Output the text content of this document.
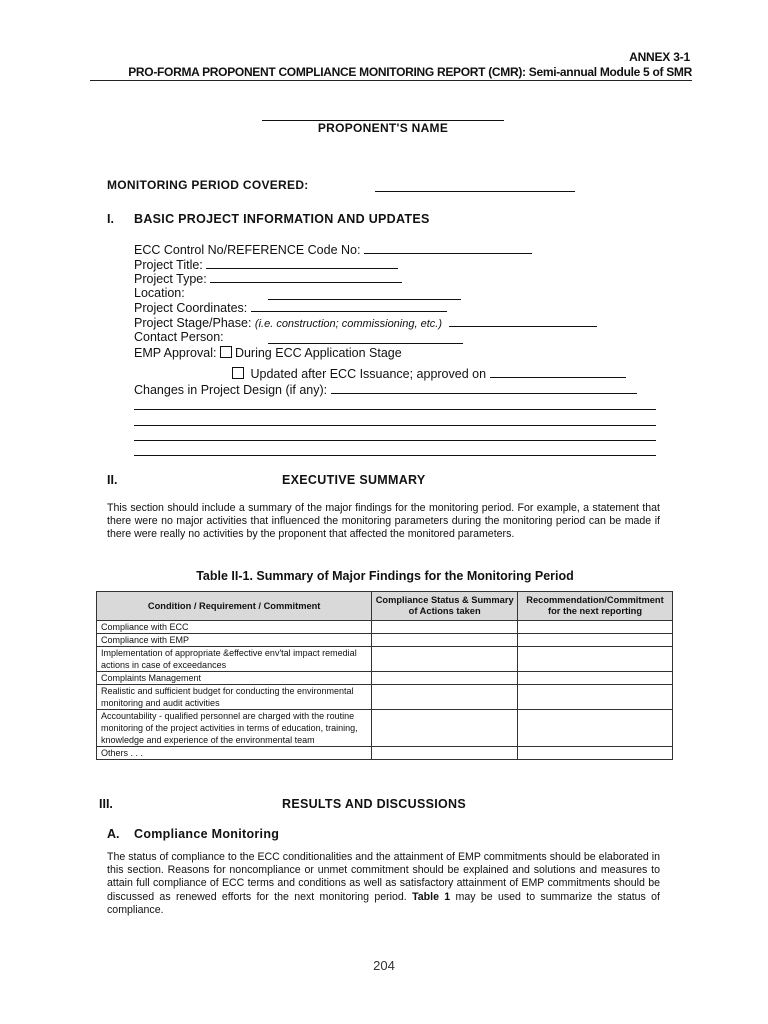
ANNEX 3-1
PRO-FORMA PROPONENT COMPLIANCE MONITORING REPORT (CMR): Semi-annual Module 5 of SMR
PROPONENT'S NAME
MONITORING PERIOD COVERED:
I. BASIC PROJECT INFORMATION AND UPDATES
ECC Control No/REFERENCE Code No:
Project Title:
Project Type:
Location:
Project Coordinates:
Project Stage/Phase: (i.e. construction; commissioning, etc.)
Contact Person:
EMP Approval: During ECC Application Stage
Updated after ECC Issuance; approved on
Changes in Project Design (if any):
II.	EXECUTIVE SUMMARY
This section should include a summary of the major findings for the monitoring period. For example, a statement that there were no major activities that influenced the monitoring parameters during the monitoring period can be made if there were really no activities by the proponent that affected the monitored parameters.
Table II-1. Summary of Major Findings for the Monitoring Period
Condition / Requirement / Commitment	Compliance Status & Summary of Actions taken	Recommendation/Commitment for the next reporting
Compliance with ECC		
Compliance with EMP		
Implementation of appropriate &effective env'tal impact remedial actions in case of exceedances		
Complaints Management		
Realistic and sufficient budget for conducting the environmental monitoring and audit activities		
Accountability - qualified personnel are charged with the routine monitoring of the project activities in terms of education, training, knowledge and experience of the environmental team		
Others . . .		
III.	RESULTS AND DISCUSSIONS
A. Compliance Monitoring
The status of compliance to the ECC conditionalities and the attainment of EMP commitments should be elaborated in this section. Reasons for noncompliance or unmet commitment should be explained and solutions and measures to attain full compliance of ECC terms and conditions as well as satisfactory attainment of EMP commitments should be discussed as renewed efforts for the next monitoring period. Table 1 may be used to summarize the status of compliance.
204
